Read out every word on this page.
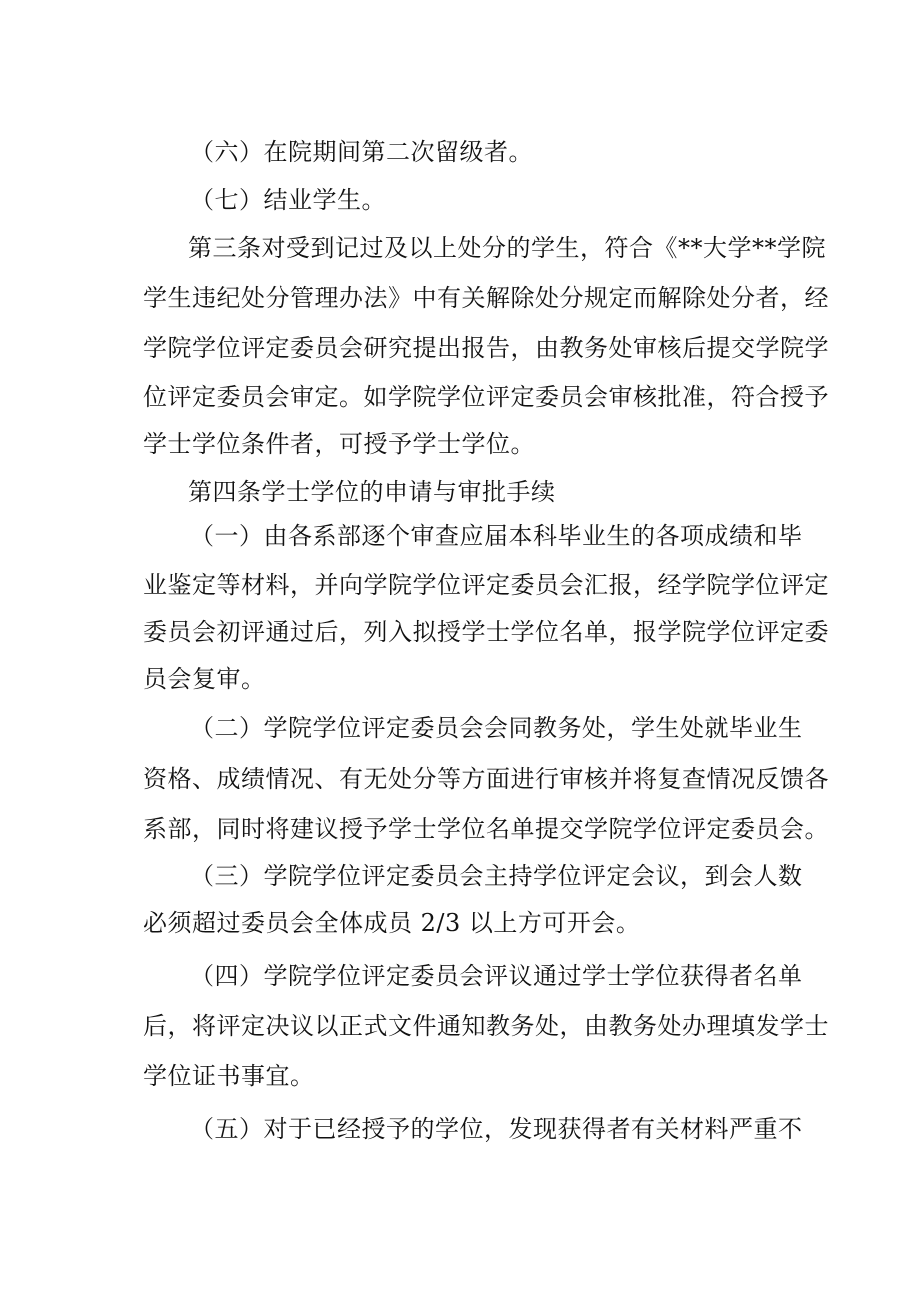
（六）在院期间第二次留级者。
（七）结业学生。
第三条对受到记过及以上处分的学生，符合《**大学**学院
学生违纪处分管理办法》中有关解除处分规定而解除处分者，经
学院学位评定委员会研究提出报告，由教务处审核后提交学院学
位评定委员会审定。如学院学位评定委员会审核批准，符合授予
学士学位条件者，可授予学士学位。
第四条学士学位的申请与审批手续
（一）由各系部逐个审查应届本科毕业生的各项成绩和毕
业鉴定等材料，并向学院学位评定委员会汇报，经学院学位评定
委员会初评通过后，列入拟授学士学位名单，报学院学位评定委
员会复审。
（二）学院学位评定委员会会同教务处，学生处就毕业生
资格、成绩情况、有无处分等方面进行审核并将复查情况反馈各
系部，同时将建议授予学士学位名单提交学院学位评定委员会。
（三）学院学位评定委员会主持学位评定会议，到会人数
必须超过委员会全体成员 2/3 以上方可开会。
（四）学院学位评定委员会评议通过学士学位获得者名单
后，将评定决议以正式文件通知教务处，由教务处办理填发学士
学位证书事宜。
（五）对于已经授予的学位，发现获得者有关材料严重不
